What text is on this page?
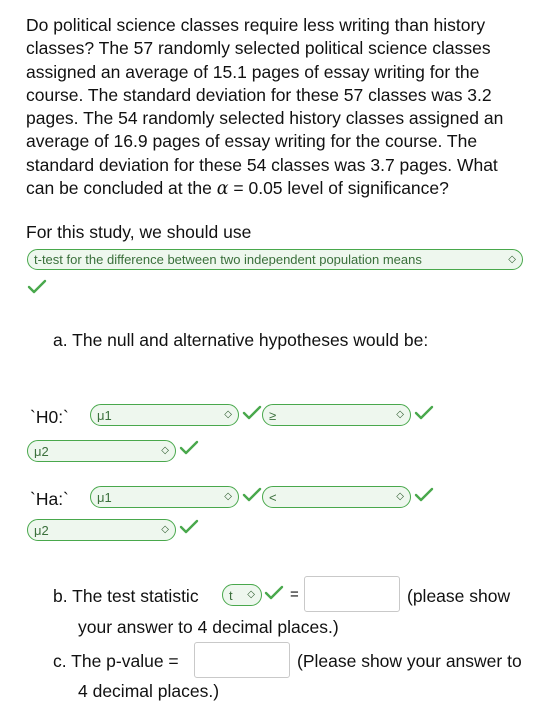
Do political science classes require less writing than history
classes? The 57 randomly selected political science classes
assigned an average of 15.1 pages of essay writing for the
course. The standard deviation for these 57 classes was 3.2
pages. The 54 randomly selected history classes assigned an
average of 16.9 pages of essay writing for the course. The
standard deviation for these 54 classes was 3.7 pages. What
can be concluded at the α = 0.05 level of significance?
For this study, we should use
t-test for the difference between two independent population means	◇
a. The null and alternative hypotheses would be:
`H0:` μ1	◇	≥	◇
μ2	◇
`Ha:` μ1	◇	<	◇
μ2	◇
b. The test statistic t	◇ =	(please show
your answer to 4 decimal places.)
c. The p-value =	(Please show your answer to
4 decimal places.)
